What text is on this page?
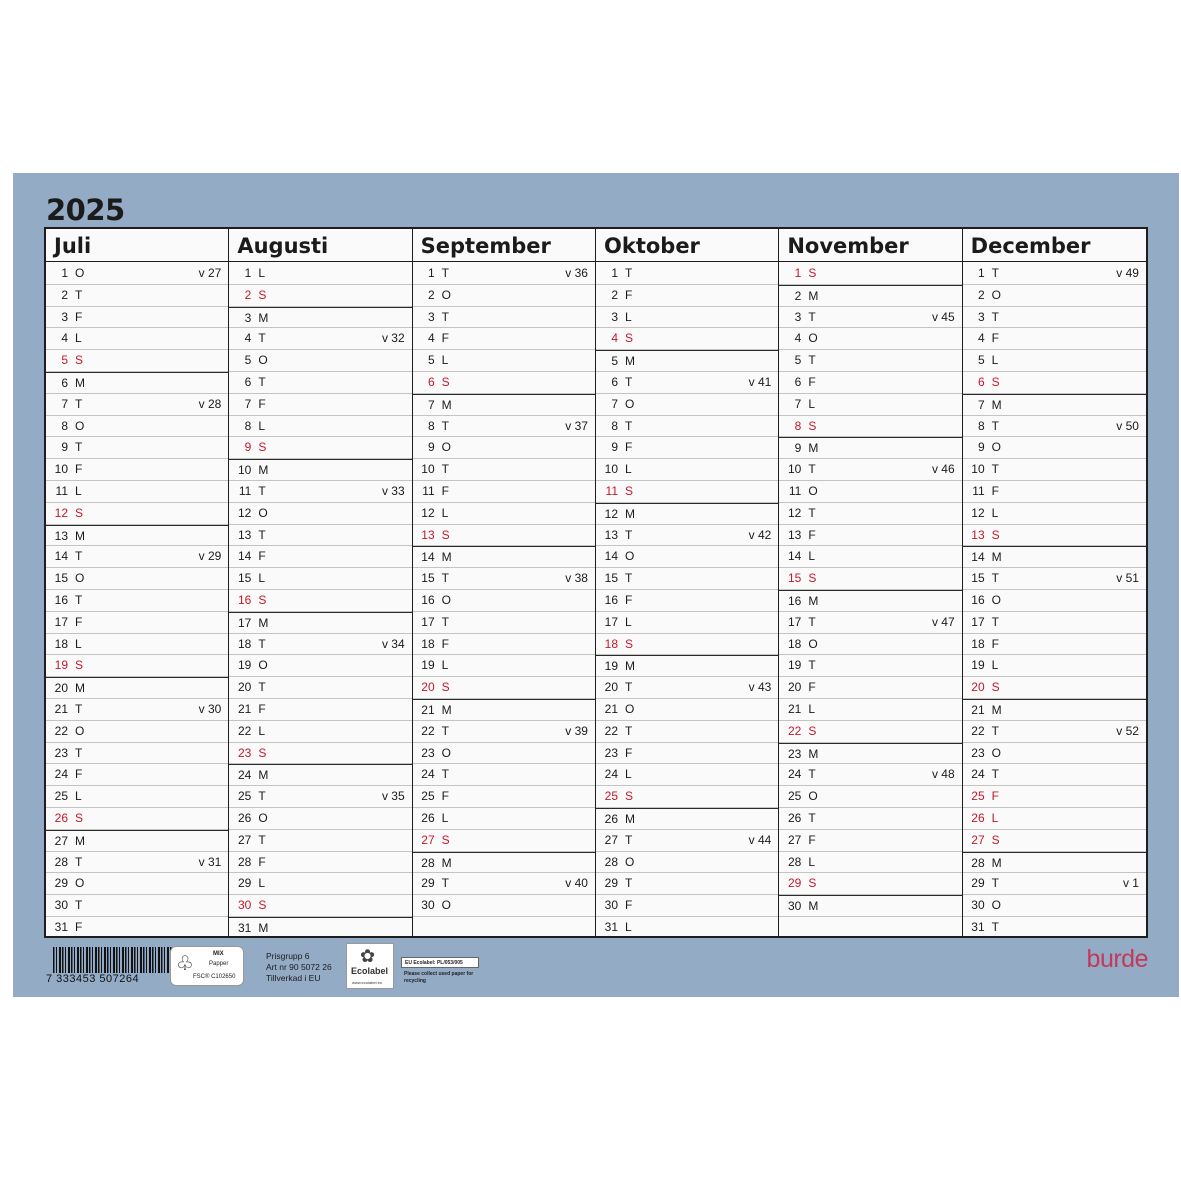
2025
Juli
1 O	v 27
2 T
3 F
4 L
5 S
6 M
7 T	v 28
8 O
9 T
10 F
11 L
12 S
13 M
14 T	v 29
15 O
16 T
17 F
18 L
19 S
20 M
21 T	v 30
22 O
23 T
24 F
25 L
26 S
27 M
28 T	v 31
29 O
30 T
31 F
Augusti
1 L
2 S
3 M
4 T	v 32
5 O
6 T
7 F
8 L
9 S
10 M
11 T	v 33
12 O
13 T
14 F
15 L
16 S
17 M
18 T	v 34
19 O
20 T
21 F
22 L
23 S
24 M
25 T	v 35
26 O
27 T
28 F
29 L
30 S
31 M
September
1 T	v 36
2 O
3 T
4 F
5 L
6 S
7 M
8 T	v 37
9 O
10 T
11 F
12 L
13 S
14 M
15 T	v 38
16 O
17 T
18 F
19 L
20 S
21 M
22 T	v 39
23 O
24 T
25 F
26 L
27 S
28 M
29 T	v 40
30 O
Oktober
1 T
2 F
3 L
4 S
5 M
6 T	v 41
7 O
8 T
9 F
10 L
11 S
12 M
13 T	v 42
14 O
15 T
16 F
17 L
18 S
19 M
20 T	v 43
21 O
22 T
23 F
24 L
25 S
26 M
27 T	v 44
28 O
29 T
30 F
31 L
November
1 S
2 M
3 T	v 45
4 O
5 T
6 F
7 L
8 S
9 M
10 T	v 46
11 O
12 T
13 F
14 L
15 S
16 M
17 T	v 47
18 O
19 T
20 F
21 L
22 S
23 M
24 T	v 48
25 O
26 T
27 F
28 L
29 S
30 M
December
1 T	v 49
2 O
3 T
4 F
5 L
6 S
7 M
8 T	v 50
9 O
10 T
11 F
12 L
13 S
14 M
15 T	v 51
16 O
17 T
18 F
19 L
20 S
21 M
22 T	v 52
23 O
24 T
25 F
26 L
27 S
28 M
29 T	v 1
30 O
31 T
7 333453 507264
♧	MIX
Papper
FSC® C102650
Prisgrupp 6
Art nr 90 5072 26
Tillverkad i EU
✿
Ecolabel
www.ecolabel.eu
EU Ecolabel: PL/053/005
Please collect used paper for recycling
burde
